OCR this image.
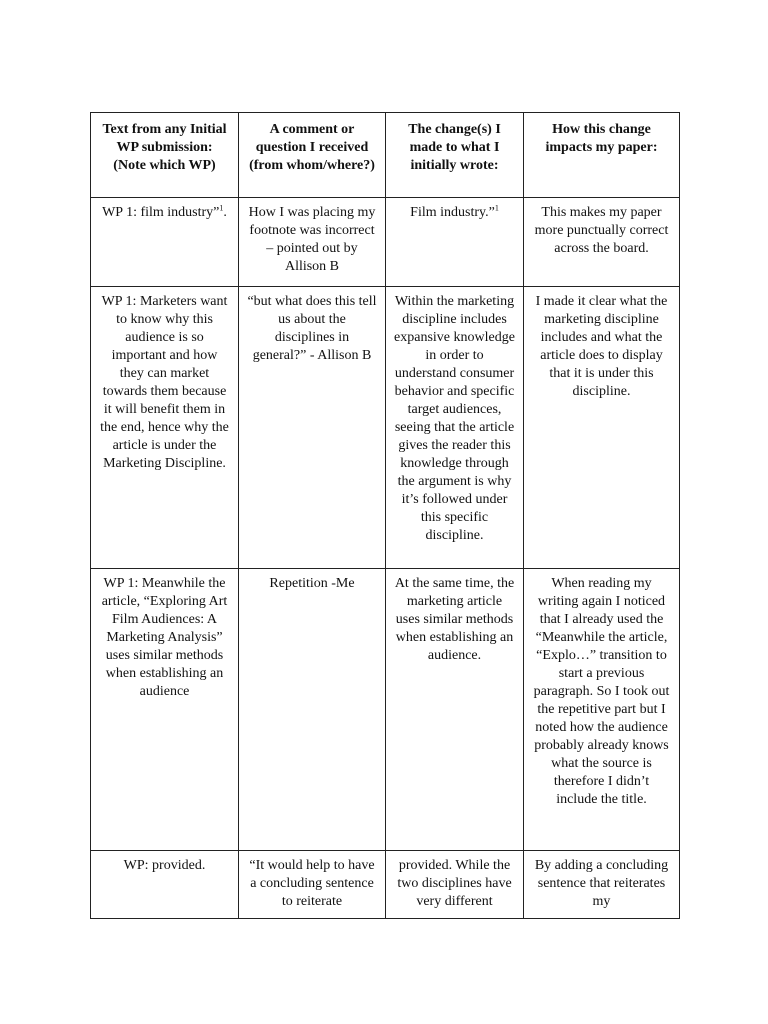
Text from any Initial WP submission: (Note which WP)	A comment or question I received (from whom/where?)	The change(s) I made to what I initially wrote:	How this change impacts my paper:
WP 1: film industry”$^1$.	How I was placing my footnote was incorrect – pointed out by Allison B	Film industry.”$^1$	This makes my paper more punctually correct across the board.
WP 1: Marketers want to know why this audience is so important and how they can market towards them because it will benefit them in the end, hence why the article is under the Marketing Discipline.	“but what does this tell us about the disciplines in general?” - Allison B	Within the marketing discipline includes expansive knowledge in order to understand consumer behavior and specific target audiences, seeing that the article gives the reader this knowledge through the argument is why it’s followed under this specific discipline.	I made it clear what the marketing discipline includes and what the article does to display that it is under this discipline.
WP 1: Meanwhile the article, “Exploring Art Film Audiences: A Marketing Analysis” uses similar methods when establishing an audience	Repetition -Me	At the same time, the marketing article uses similar methods when establishing an audience.	When reading my writing again I noticed that I already used the “Meanwhile the article, “Explo…” transition to start a previous paragraph. So I took out the repetitive part but I noted how the audience probably already knows what the source is therefore I didn’t include the title.
WP: provided.	“It would help to have a concluding sentence to reiterate	provided. While the two disciplines have very different	By adding a concluding sentence that reiterates my
